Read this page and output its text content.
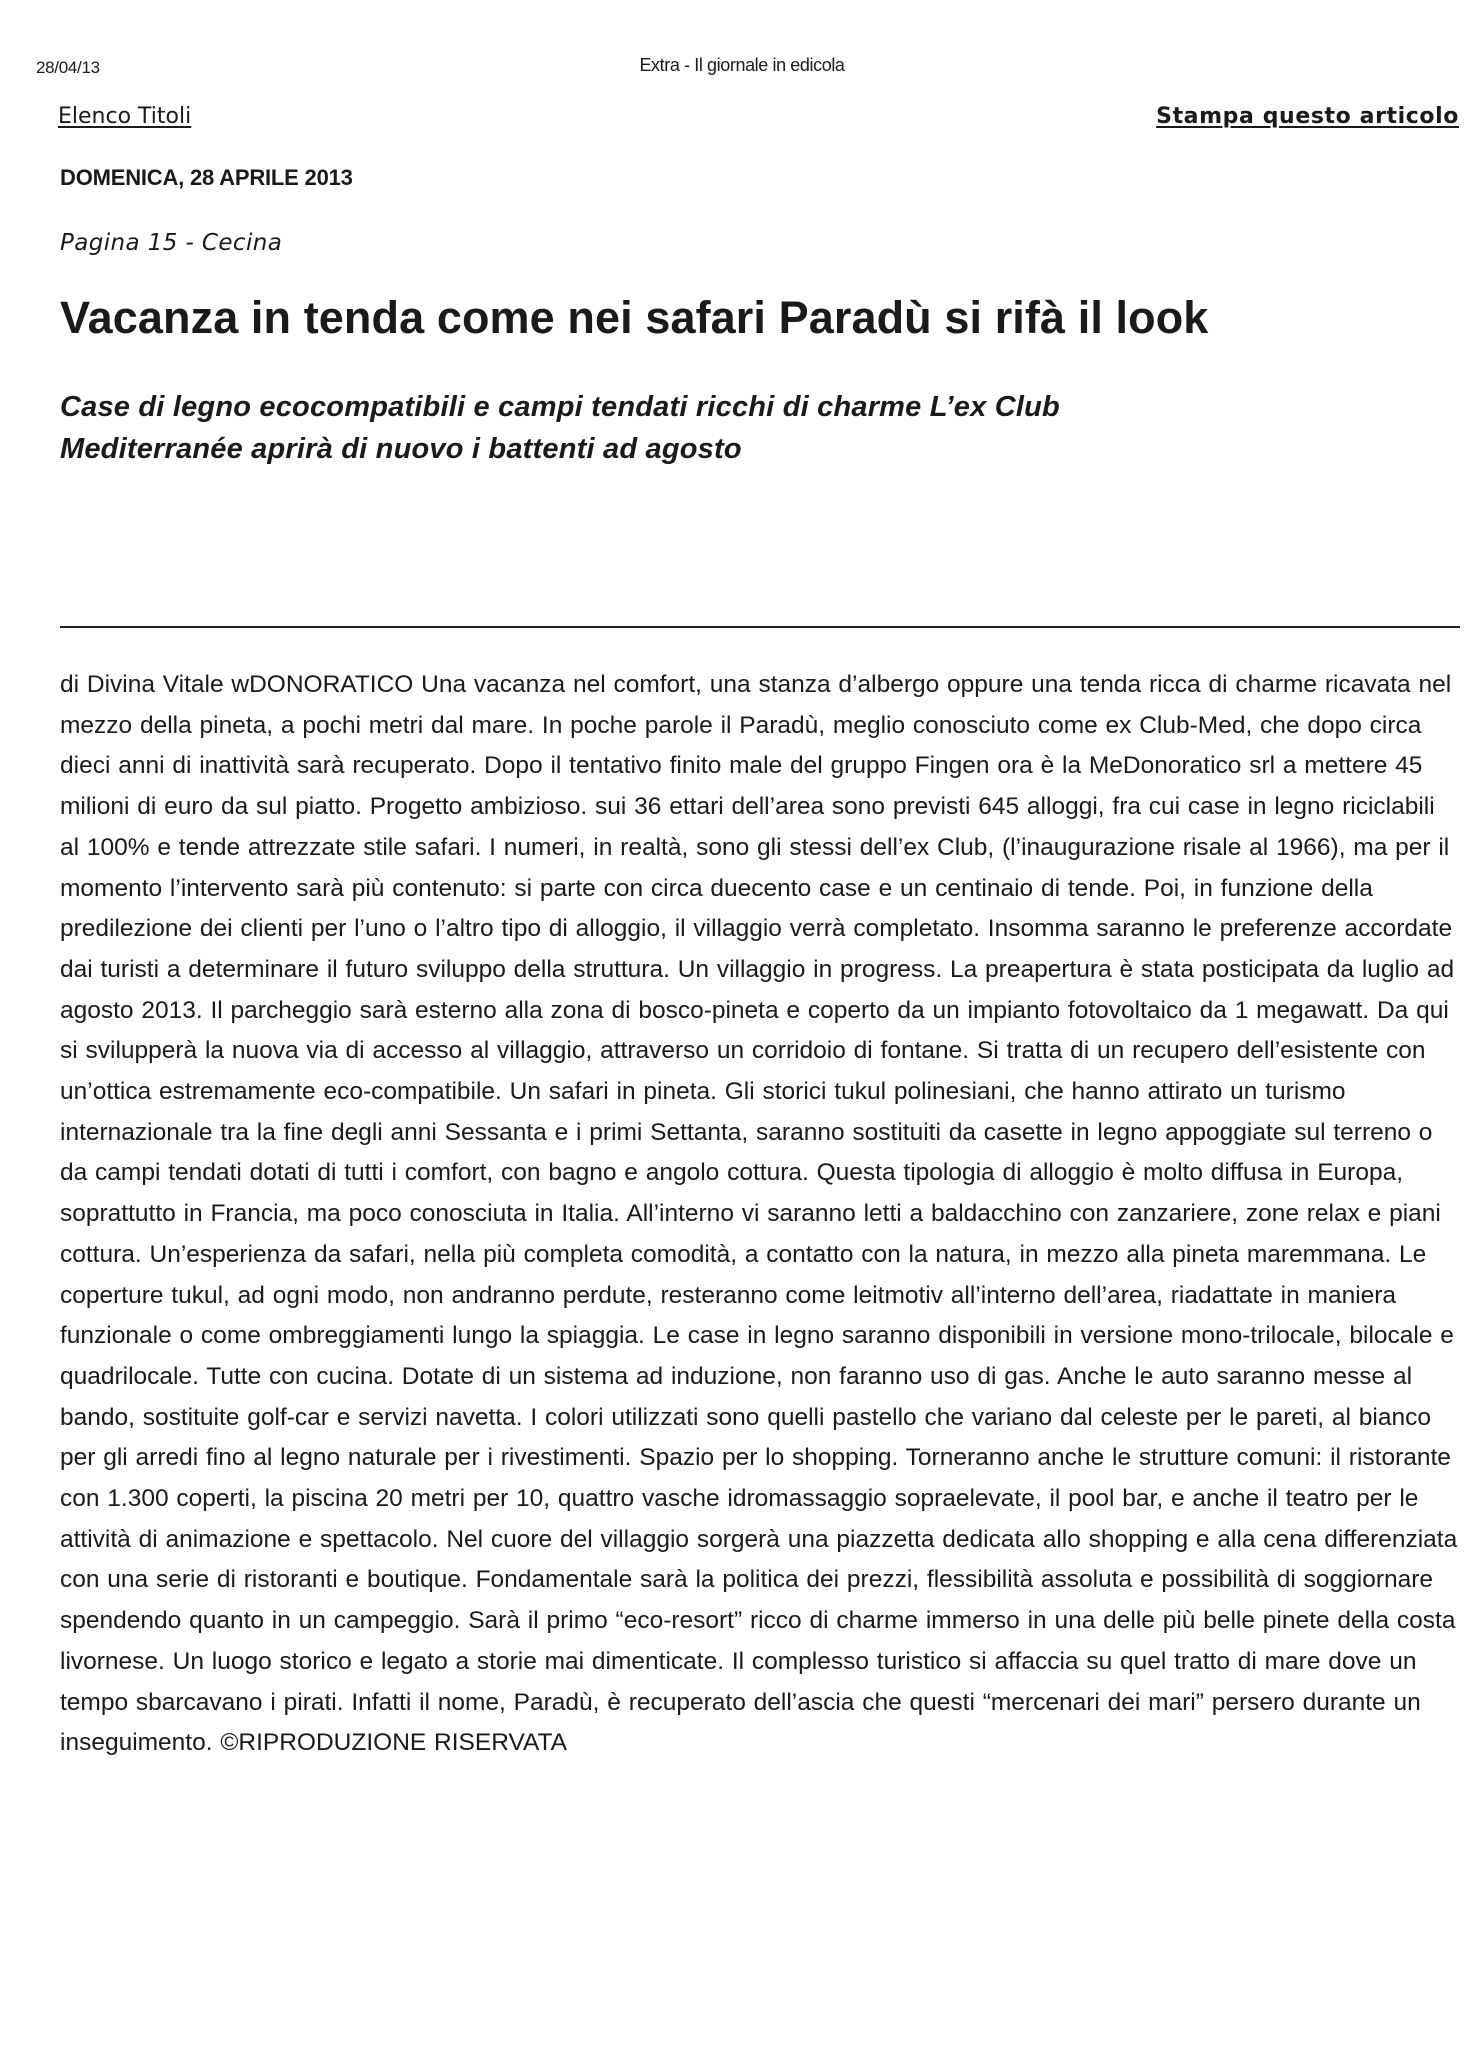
28/04/13	Extra - Il giornale in edicola
Elenco Titoli	Stampa questo articolo
DOMENICA, 28 APRILE 2013
Pagina 15 - Cecina
Vacanza in tenda come nei safari Paradù si rifà il look
Case di legno ecocompatibili e campi tendati ricchi di charme L’ex Club Mediterranée aprirà di nuovo i battenti ad agosto

di Divina Vitale wDONORATICO Una vacanza nel comfort, una stanza d’albergo oppure una tenda ricca di charme ricavata nel mezzo della pineta, a pochi metri dal mare. In poche parole il Paradù, meglio conosciuto come ex Club-Med, che dopo circa dieci anni di inattività sarà recuperato. Dopo il tentativo finito male del gruppo Fingen ora è la MeDonoratico srl a mettere 45 milioni di euro da sul piatto. Progetto ambizioso. sui 36 ettari dell’area sono previsti 645 alloggi, fra cui case in legno riciclabili al 100% e tende attrezzate stile safari. I numeri, in realtà, sono gli stessi dell’ex Club, (l’inaugurazione risale al 1966), ma per il momento l’intervento sarà più contenuto: si parte con circa duecento case e un centinaio di tende. Poi, in funzione della predilezione dei clienti per l’uno o l’altro tipo di alloggio, il villaggio verrà completato. Insomma saranno le preferenze accordate dai turisti a determinare il futuro sviluppo della struttura. Un villaggio in progress. La preapertura è stata posticipata da luglio ad agosto 2013. Il parcheggio sarà esterno alla zona di bosco-pineta e coperto da un impianto fotovoltaico da 1 megawatt. Da qui si svilupperà la nuova via di accesso al villaggio, attraverso un corridoio di fontane. Si tratta di un recupero dell’esistente con un’ottica estremamente eco-compatibile. Un safari in pineta. Gli storici tukul polinesiani, che hanno attirato un turismo internazionale tra la fine degli anni Sessanta e i primi Settanta, saranno sostituiti da casette in legno appoggiate sul terreno o da campi tendati dotati di tutti i comfort, con bagno e angolo cottura. Questa tipologia di alloggio è molto diffusa in Europa, soprattutto in Francia, ma poco conosciuta in Italia. All’interno vi saranno letti a baldacchino con zanzariere, zone relax e piani cottura. Un’esperienza da safari, nella più completa comodità, a contatto con la natura, in mezzo alla pineta maremmana. Le coperture tukul, ad ogni modo, non andranno perdute, resteranno come leitmotiv all’interno dell’area, riadattate in maniera funzionale o come ombreggiamenti lungo la spiaggia. Le case in legno saranno disponibili in versione mono-trilocale, bilocale e quadrilocale. Tutte con cucina. Dotate di un sistema ad induzione, non faranno uso di gas. Anche le auto saranno messe al bando, sostituite golf-car e servizi navetta. I colori utilizzati sono quelli pastello che variano dal celeste per le pareti, al bianco per gli arredi fino al legno naturale per i rivestimenti. Spazio per lo shopping. Torneranno anche le strutture comuni: il ristorante con 1.300 coperti, la piscina 20 metri per 10, quattro vasche idromassaggio sopraelevate, il pool bar, e anche il teatro per le attività di animazione e spettacolo. Nel cuore del villaggio sorgerà una piazzetta dedicata allo shopping e alla cena differenziata con una serie di ristoranti e boutique. Fondamentale sarà la politica dei prezzi, flessibilità assoluta e possibilità di soggiornare spendendo quanto in un campeggio. Sarà il primo “eco-resort” ricco di charme immerso in una delle più belle pinete della costa livornese. Un luogo storico e legato a storie mai dimenticate. Il complesso turistico si affaccia su quel tratto di mare dove un tempo sbarcavano i pirati. Infatti il nome, Paradù, è recuperato dell’ascia che questi “mercenari dei mari” persero durante un inseguimento. ©RIPRODUZIONE RISERVATA
